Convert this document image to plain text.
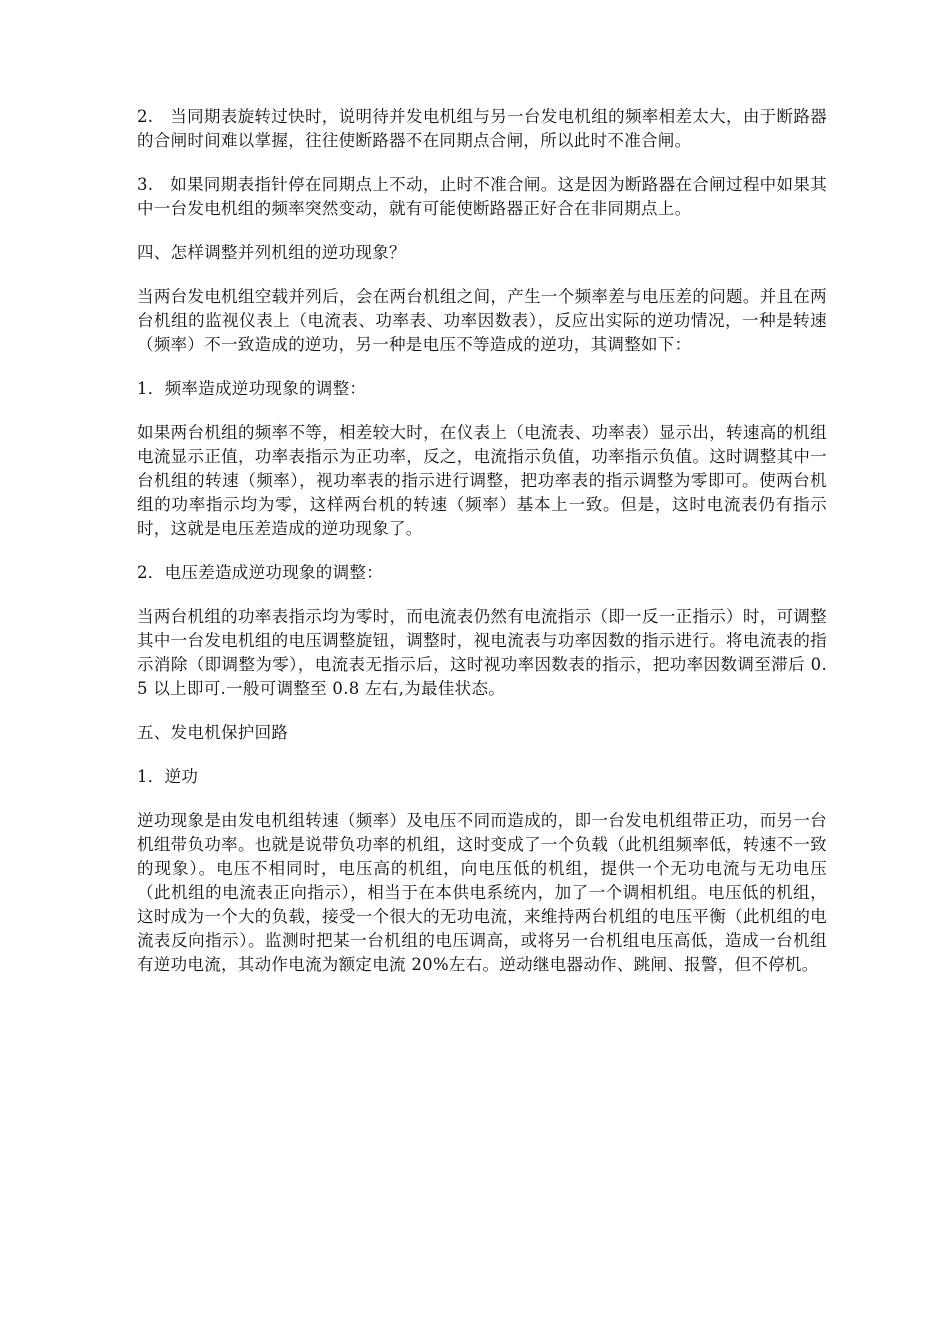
2.　当同期表旋转过快时，说明待并发电机组与另一台发电机组的频率相差太大，由于断路器的合闸时间难以掌握，往往使断路器不在同期点合闸，所以此时不准合闸。

3.　如果同期表指针停在同期点上不动，止时不准合闸。这是因为断路器在合闸过程中如果其中一台发电机组的频率突然变动，就有可能使断路器正好合在非同期点上。

四、怎样调整并列机组的逆功现象？

当两台发电机组空载并列后，会在两台机组之间，产生一个频率差与电压差的问题。并且在两台机组的监视仪表上（电流表、功率表、功率因数表），反应出实际的逆功情况，一种是转速（频率）不一致造成的逆功，另一种是电压不等造成的逆功，其调整如下：

1．频率造成逆功现象的调整：

如果两台机组的频率不等，相差较大时，在仪表上（电流表、功率表）显示出，转速高的机组电流显示正值，功率表指示为正功率，反之，电流指示负值，功率指示负值。这时调整其中一台机组的转速（频率），视功率表的指示进行调整，把功率表的指示调整为零即可。使两台机组的功率指示均为零，这样两台机的转速（频率）基本上一致。但是，这时电流表仍有指示时，这就是电压差造成的逆功现象了。

2．电压差造成逆功现象的调整：

当两台机组的功率表指示均为零时，而电流表仍然有电流指示（即一反一正指示）时，可调整其中一台发电机组的电压调整旋钮，调整时，视电流表与功率因数的指示进行。将电流表的指示消除（即调整为零），电流表无指示后，这时视功率因数表的指示，把功率因数调至滞后 0.5 以上即可.一般可调整至 0.8 左右,为最佳状态。

五、发电机保护回路

1．逆功

逆功现象是由发电机组转速（频率）及电压不同而造成的，即一台发电机组带正功，而另一台机组带负功率。也就是说带负功率的机组，这时变成了一个负载（此机组频率低，转速不一致的现象）。电压不相同时，电压高的机组，向电压低的机组，提供一个无功电流与无功电压（此机组的电流表正向指示），相当于在本供电系统内，加了一个调相机组。电压低的机组，这时成为一个大的负载，接受一个很大的无功电流，来维持两台机组的电压平衡（此机组的电流表反向指示）。监测时把某一台机组的电压调高，或将另一台机组电压高低，造成一台机组有逆功电流，其动作电流为额定电流 20%左右。逆动继电器动作、跳闸、报警，但不停机。
